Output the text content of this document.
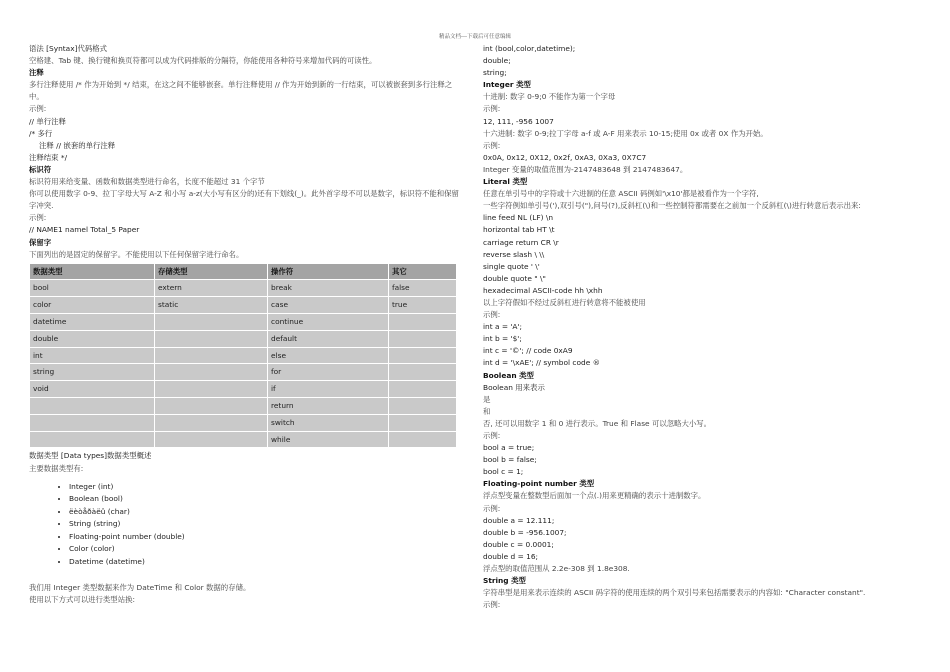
精品文档---下载后可任意编辑
语法 [Syntax]代码格式
空格建、Tab 键、换行键和换页符都可以成为代码排版的分隔符，你能使用各种符号来增加代码的可读性。
注释
多行注释使用 /* 作为开始到 */ 结束，在这之间不能够嵌套。单行注释使用 // 作为开始到新的一行结束，可以被嵌套到多行注释之中。
示例:
// 单行注释
/* 多行
注释 // 嵌套的单行注释
注释结束 */
标识符
标识符用来给变量、函数和数据类型进行命名，长度不能超过 31 个字节
你可以使用数字 0-9、拉丁字母大写 A-Z 和小写 a-z(大小写有区分的)还有下划线(_)。此外首字母不可以是数字，标识符不能和保留字冲突.
示例:
// NAME1 namel Total_5 Paper
保留字
下面列出的是固定的保留字。不能使用以下任何保留字进行命名。
数据类型	存储类型	操作符	其它
bool	extern	break	false
color	static	case	true
datetime		continue	
double		default	
int		else	
string		for	
void		if	
		return	
		switch	
		while	
数据类型 [Data types]数据类型概述
主要数据类型有:
• Integer (int)
• Boolean (bool)
• ëèòåðàëû (char)
• String (string)
• Floating-point number (double)
• Color (color)
• Datetime (datetime)
我们用 Integer 类型数据来作为 DateTime 和 Color 数据的存储。
使用以下方式可以进行类型站换:
int (bool,color,datetime);
double;
string;
Integer 类型
十进制: 数字 0-9;0 不能作为第一个字母
示例:
12, 111, -956 1007
十六进制: 数字 0-9;拉丁字母 a-f 或 A-F 用来表示 10-15;使用 0x 或者 0X 作为开始。
示例:
0x0A, 0x12, 0X12, 0x2f, 0xA3, 0Xa3, 0X7C7
Integer 变量的取值范围为-2147483648 到 2147483647。
Literal 类型
任意在单引号中的字符或十六进制的任意 ASCII 码例如'\x10'都是被看作为一个字符,
一些字符例如单引号('),双引号("),问号(?),反斜杠(\)和一些控制符都需要在之前加一个反斜杠(\)进行转意后表示出来:
line feed NL (LF) \n
horizontal tab HT \t
carriage return CR \r
reverse slash \ \\
single quote ' \'
double quote " \"
hexadecimal ASCII-code hh \xhh
以上字符假如不经过反斜杠进行转意将不能被使用
示例:
int a = 'A';
int b = '$';
int c = '©'; // code 0xA9
int d = '\xAE'; // symbol code ®
Boolean 类型
Boolean 用来表示
是
和
否, 还可以用数字 1 和 0 进行表示。True 和 Flase 可以忽略大小写。
示例:
bool a = true;
bool b = false;
bool c = 1;
Floating-point number 类型
浮点型变量在整数型后面加一个点(.)用来更精确的表示十进制数字。
示例:
double a = 12.111;
double b = -956.1007;
double c = 0.0001;
double d = 16;
浮点型的取值范围从 2.2e-308 到 1.8e308.
String 类型
字符串型是用来表示连续的 ASCII 码字符的使用连续的两个双引号来包括需要表示的内容如: "Character constant".
示例:
